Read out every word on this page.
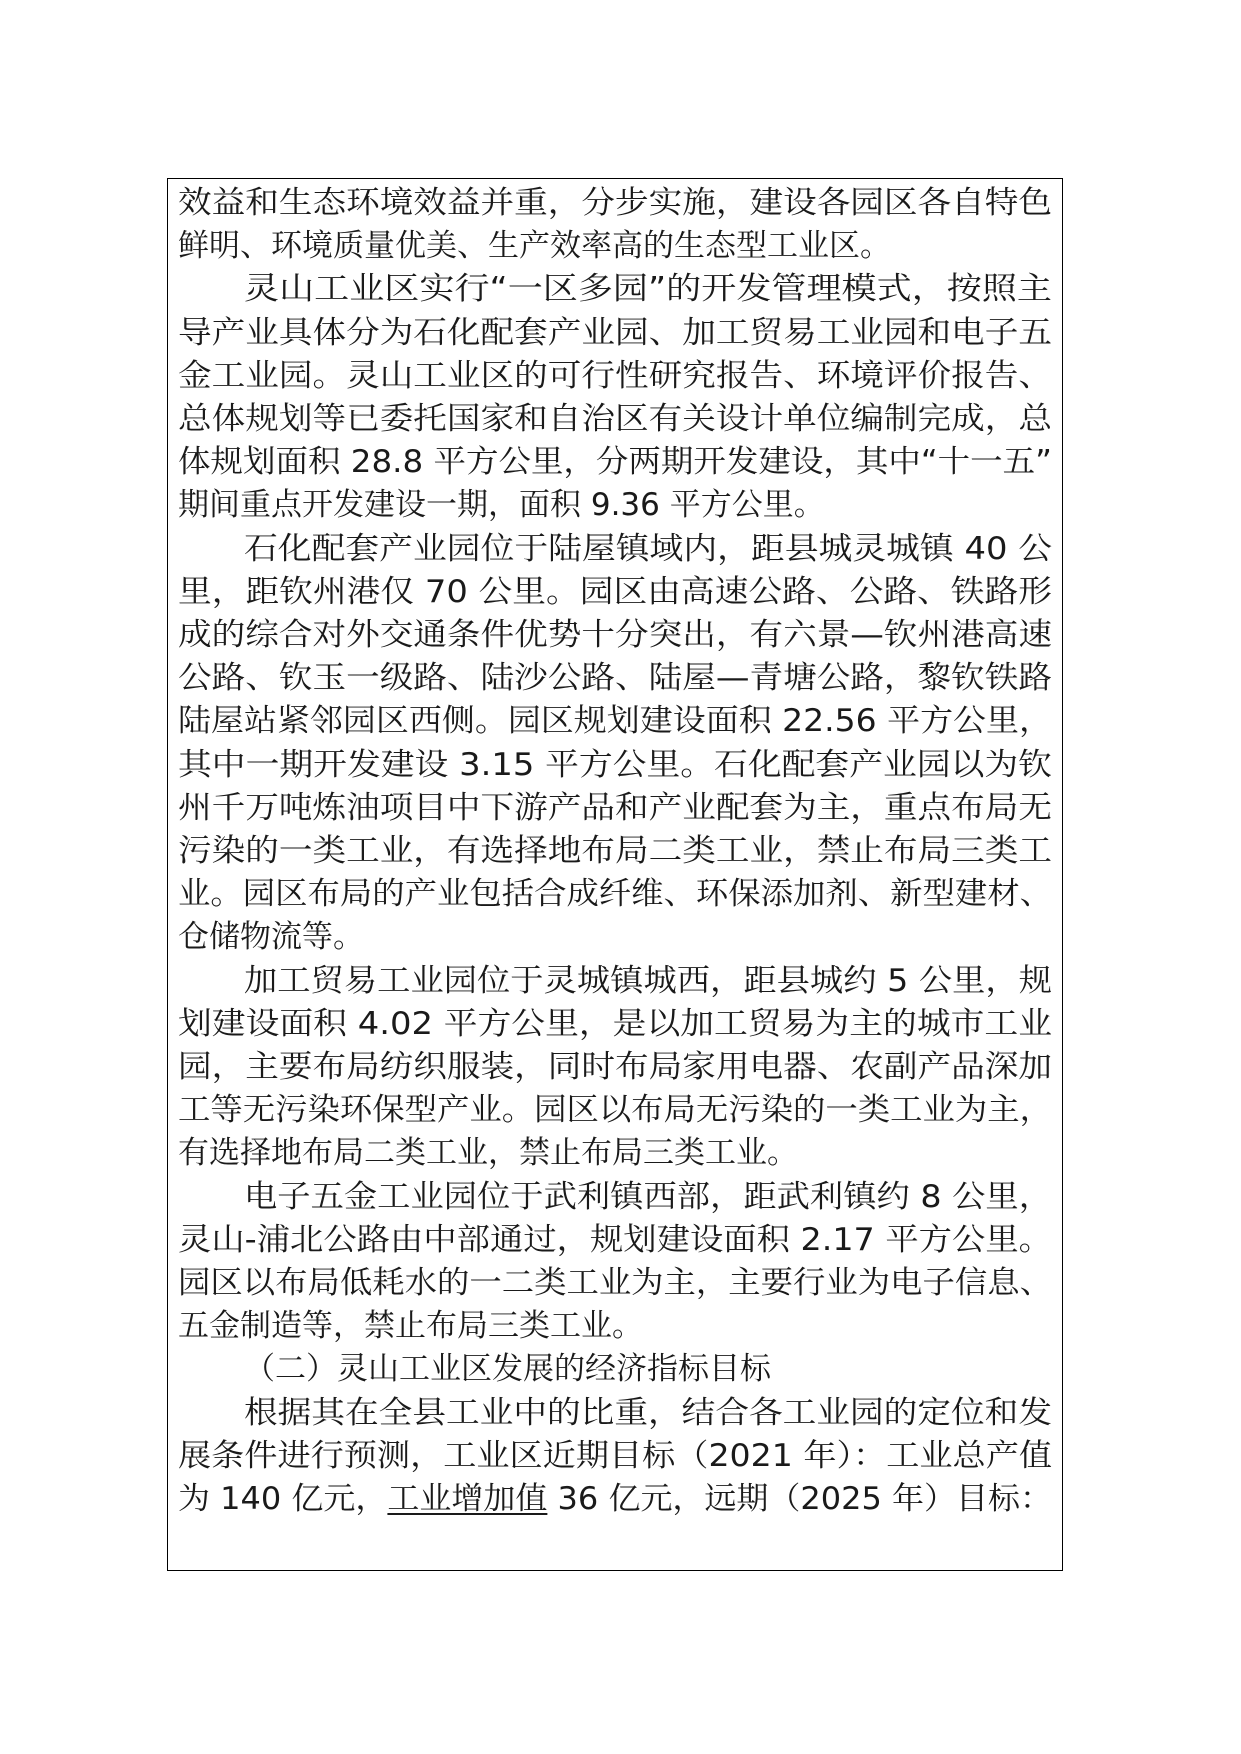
效益和生态环境效益并重，分步实施，建设各园区各自特色
鲜明、环境质量优美、生产效率高的生态型工业区。
灵山工业区实行“一区多园”的开发管理模式，按照主
导产业具体分为石化配套产业园、加工贸易工业园和电子五
金工业园。灵山工业区的可行性研究报告、环境评价报告、
总体规划等已委托国家和自治区有关设计单位编制完成，总
体规划面积 28.8 平方公里，分两期开发建设，其中“十一五”
期间重点开发建设一期，面积 9.36 平方公里。
石化配套产业园位于陆屋镇域内，距县城灵城镇 40 公
里，距钦州港仅 70 公里。园区由高速公路、公路、铁路形
成的综合对外交通条件优势十分突出，有六景—钦州港高速
公路、钦玉一级路、陆沙公路、陆屋—青塘公路，黎钦铁路
陆屋站紧邻园区西侧。园区规划建设面积 22.56 平方公里，
其中一期开发建设 3.15 平方公里。石化配套产业园以为钦
州千万吨炼油项目中下游产品和产业配套为主，重点布局无
污染的一类工业，有选择地布局二类工业，禁止布局三类工
业。园区布局的产业包括合成纤维、环保添加剂、新型建材、
仓储物流等。
加工贸易工业园位于灵城镇城西，距县城约 5 公里，规
划建设面积 4.02 平方公里，是以加工贸易为主的城市工业
园，主要布局纺织服装，同时布局家用电器、农副产品深加
工等无污染环保型产业。园区以布局无污染的一类工业为主，
有选择地布局二类工业，禁止布局三类工业。
电子五金工业园位于武利镇西部，距武利镇约 8 公里，
灵山-浦北公路由中部通过，规划建设面积 2.17 平方公里。
园区以布局低耗水的一二类工业为主，主要行业为电子信息、
五金制造等，禁止布局三类工业。
（二）灵山工业区发展的经济指标目标
根据其在全县工业中的比重，结合各工业园的定位和发
展条件进行预测，工业区近期目标（2021 年）：工业总产值
为 140 亿元，工业增加值 36 亿元，远期（2025 年）目标：
